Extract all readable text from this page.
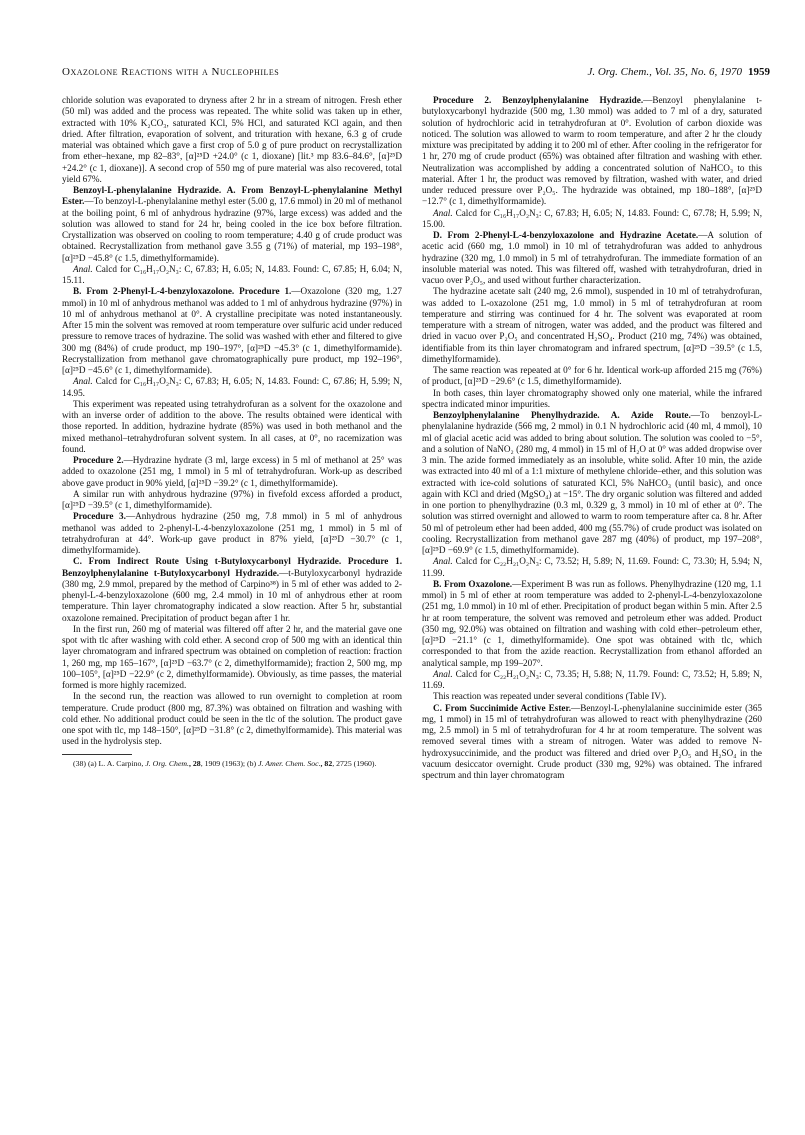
Oxazolone Reactions with α Nucleophiles	J. Org. Chem., Vol. 35, No. 6, 1970 1959

chloride solution was evaporated to dryness after 2 hr in a stream of nitrogen. Fresh ether (50 ml) was added and the process was repeated. The white solid was taken up in ether, extracted with 10% K₂CO₃, saturated KCl, 5% HCl, and saturated KCl again, and then dried. After filtration, evaporation of solvent, and trituration with hexane, 6.3 g of crude material was obtained which gave a first crop of 5.0 g of pure product on recrystallization from ether–hexane, mp 82–83°, [α]²⁵D +24.0° (c 1, dioxane) [lit.³ mp 83.6–84.6°, [α]²⁵D +24.2° (c 1, dioxane)]. A second crop of 550 mg of pure material was also recovered, total yield 67%.

Benzoyl-L-phenylalanine Hydrazide. A. From Benzoyl-L-phenylalanine Methyl Ester.—To benzoyl-L-phenylalanine methyl ester (5.00 g, 17.6 mmol) in 20 ml of methanol at the boiling point, 6 ml of anhydrous hydrazine (97%, large excess) was added and the solution was allowed to stand for 24 hr, being cooled in the ice box before filtration. Crystallization was observed on cooling to room temperature; 4.40 g of crude product was obtained. Recrystallization from methanol gave 3.55 g (71%) of material, mp 193–198°, [α]²⁵D −45.8° (c 1.5, dimethylformamide).

Anal. Calcd for C₁₆H₁₇O₂N₃: C, 67.83; H, 6.05; N, 14.83. Found: C, 67.85; H, 6.04; N, 15.11.

B. From 2-Phenyl-L-4-benzyloxazolone. Procedure 1.—Oxazolone (320 mg, 1.27 mmol) in 10 ml of anhydrous methanol was added to 1 ml of anhydrous hydrazine (97%) in 10 ml of anhydrous methanol at 0°. A crystalline precipitate was noted instantaneously. After 15 min the solvent was removed at room temperature over sulfuric acid under reduced pressure to remove traces of hydrazine. The solid was washed with ether and filtered to give 300 mg (84%) of crude product, mp 190–197°, [α]²⁵D −45.3° (c 1, dimethylformamide). Recrystallization from methanol gave chromatographically pure product, mp 192–196°, [α]²⁵D −45.6° (c 1, dimethylformamide).

Anal. Calcd for C₁₆H₁₇O₂N₃: C, 67.83; H, 6.05; N, 14.83. Found: C, 67.86; H, 5.99; N, 14.95.

This experiment was repeated using tetrahydrofuran as a solvent for the oxazolone and with an inverse order of addition to the above. The results obtained were identical with those reported. In addition, hydrazine hydrate (85%) was used in both methanol and the mixed methanol–tetrahydrofuran solvent system. In all cases, at 0°, no racemization was found.

Procedure 2.—Hydrazine hydrate (3 ml, large excess) in 5 ml of methanol at 25° was added to oxazolone (251 mg, 1 mmol) in 5 ml of tetrahydrofuran. Work-up as described above gave product in 90% yield, [α]²⁵D −39.2° (c 1, dimethylformamide).

A similar run with anhydrous hydrazine (97%) in fivefold excess afforded a product, [α]²⁵D −39.5° (c 1, dimethylformamide).

Procedure 3.—Anhydrous hydrazine (250 mg, 7.8 mmol) in 5 ml of anhydrous methanol was added to 2-phenyl-L-4-benzyloxazolone (251 mg, 1 mmol) in 5 ml of tetrahydrofuran at 44°. Work-up gave product in 87% yield, [α]²⁵D −30.7° (c 1, dimethylformamide).

C. From Indirect Route Using t-Butyloxycarbonyl Hydrazide. Procedure 1. Benzoylphenylalanine t-Butyloxycarbonyl Hydrazide.—t-Butyloxycarbonyl hydrazide (380 mg, 2.9 mmol, prepared by the method of Carpino³⁸) in 5 ml of ether was added to 2-phenyl-L-4-benzyloxazolone (600 mg, 2.4 mmol) in 10 ml of anhydrous ether at room temperature. Thin layer chromatography indicated a slow reaction. After 5 hr, substantial oxazolone remained. Precipitation of product began after 1 hr.

In the first run, 260 mg of material was filtered off after 2 hr, and the material gave one spot with tlc after washing with cold ether. A second crop of 500 mg with an identical thin layer chromatogram and infrared spectrum was obtained on completion of reaction: fraction 1, 260 mg, mp 165–167°, [α]²⁵D −63.7° (c 2, dimethylformamide); fraction 2, 500 mg, mp 100–105°, [α]²⁵D −22.9° (c 2, dimethylformamide). Obviously, as time passes, the material formed is more highly racemized.

In the second run, the reaction was allowed to run overnight to completion at room temperature. Crude product (800 mg, 87.3%) was obtained on filtration and washing with cold ether. No additional product could be seen in the tlc of the solution. The product gave one spot with tlc, mp 148–150°, [α]²⁵D −31.8° (c 2, dimethylformamide). This material was used in the hydrolysis step.

(38) (a) L. A. Carpino, J. Org. Chem., 28, 1909 (1963); (b) J. Amer. Chem. Soc., 82, 2725 (1960).

Procedure 2. Benzoylphenylalanine Hydrazide.—Benzoyl phenylalanine t-butyloxycarbonyl hydrazide (500 mg, 1.30 mmol) was added to 7 ml of a dry, saturated solution of hydrochloric acid in tetrahydrofuran at 0°. Evolution of carbon dioxide was noticed. The solution was allowed to warm to room temperature, and after 2 hr the cloudy mixture was precipitated by adding it to 200 ml of ether. After cooling in the refrigerator for 1 hr, 270 mg of crude product (65%) was obtained after filtration and washing with ether. Neutralization was accomplished by adding a concentrated solution of NaHCO₃ to this material. After 1 hr, the product was removed by filtration, washed with water, and dried under reduced pressure over P₂O₅. The hydrazide was obtained, mp 180–188°, [α]²⁵D −12.7° (c 1, dimethylformamide).

Anal. Calcd for C₁₆H₁₇O₂N₃: C, 67.83; H, 6.05; N, 14.83. Found: C, 67.78; H, 5.99; N, 15.00.

D. From 2-Phenyl-L-4-benzyloxazolone and Hydrazine Acetate.—A solution of acetic acid (660 mg, 1.0 mmol) in 10 ml of tetrahydrofuran was added to anhydrous hydrazine (320 mg, 1.0 mmol) in 5 ml of tetrahydrofuran. The immediate formation of an insoluble material was noted. This was filtered off, washed with tetrahydrofuran, dried in vacuo over P₂O₅, and used without further characterization.

The hydrazine acetate salt (240 mg, 2.6 mmol), suspended in 10 ml of tetrahydrofuran, was added to L-oxazolone (251 mg, 1.0 mmol) in 5 ml of tetrahydrofuran at room temperature and stirring was continued for 4 hr. The solvent was evaporated at room temperature with a stream of nitrogen, water was added, and the product was filtered and dried in vacuo over P₂O₅ and concentrated H₂SO₄. Product (210 mg, 74%) was obtained, identifiable from its thin layer chromatogram and infrared spectrum, [α]²⁵D −39.5° (c 1.5, dimethylformamide).

The same reaction was repeated at 0° for 6 hr. Identical work-up afforded 215 mg (76%) of product, [α]²⁵D −29.6° (c 1.5, dimethylformamide).

In both cases, thin layer chromatography showed only one material, while the infrared spectra indicated minor impurities.

Benzoylphenylalanine Phenylhydrazide. A. Azide Route.—To benzoyl-L-phenylalanine hydrazide (566 mg, 2 mmol) in 0.1 N hydrochloric acid (40 ml, 4 mmol), 10 ml of glacial acetic acid was added to bring about solution. The solution was cooled to −5°, and a solution of NaNO₂ (280 mg, 4 mmol) in 15 ml of H₂O at 0° was added dropwise over 3 min. The azide formed immediately as an insoluble, white solid. After 10 min, the azide was extracted into 40 ml of a 1:1 mixture of methylene chloride–ether, and this solution was extracted with ice-cold solutions of saturated KCl, 5% NaHCO₃ (until basic), and once again with KCl and dried (MgSO₄) at −15°. The dry organic solution was filtered and added in one portion to phenylhydrazine (0.3 ml, 0.329 g, 3 mmol) in 10 ml of ether at 0°. The solution was stirred overnight and allowed to warm to room temperature after ca. 8 hr. After 50 ml of petroleum ether had been added, 400 mg (55.7%) of crude product was isolated on cooling. Recrystallization from methanol gave 287 mg (40%) of product, mp 197–208°, [α]²⁵D −69.9° (c 1.5, dimethylformamide).

Anal. Calcd for C₂₂H₂₁O₂N₃: C, 73.52; H, 5.89; N, 11.69. Found: C, 73.30; H, 5.94; N, 11.99.

B. From Oxazolone.—Experiment B was run as follows. Phenylhydrazine (120 mg, 1.1 mmol) in 5 ml of ether at room temperature was added to 2-phenyl-L-4-benzyloxazolone (251 mg, 1.0 mmol) in 10 ml of ether. Precipitation of product began within 5 min. After 2.5 hr at room temperature, the solvent was removed and petroleum ether was added. Product (350 mg, 92.0%) was obtained on filtration and washing with cold ether–petroleum ether, [α]²⁵D −21.1° (c 1, dimethylformamide). One spot was obtained with tlc, which corresponded to that from the azide reaction. Recrystallization from ethanol afforded an analytical sample, mp 199–207°.

Anal. Calcd for C₂₂H₂₁O₂N₃: C, 73.35; H, 5.88; N, 11.79. Found: C, 73.52; H, 5.89; N, 11.69.

This reaction was repeated under several conditions (Table IV).

C. From Succinimide Active Ester.—Benzoyl-L-phenylalanine succinimide ester (365 mg, 1 mmol) in 15 ml of tetrahydrofuran was allowed to react with phenylhydrazine (260 mg, 2.5 mmol) in 5 ml of tetrahydrofuran for 4 hr at room temperature. The solvent was removed several times with a stream of nitrogen. Water was added to remove N-hydroxysuccinimide, and the product was filtered and dried over P₂O₅ and H₂SO₄ in the vacuum desiccator overnight. Crude product (330 mg, 92%) was obtained. The infrared spectrum and thin layer chromatogram
